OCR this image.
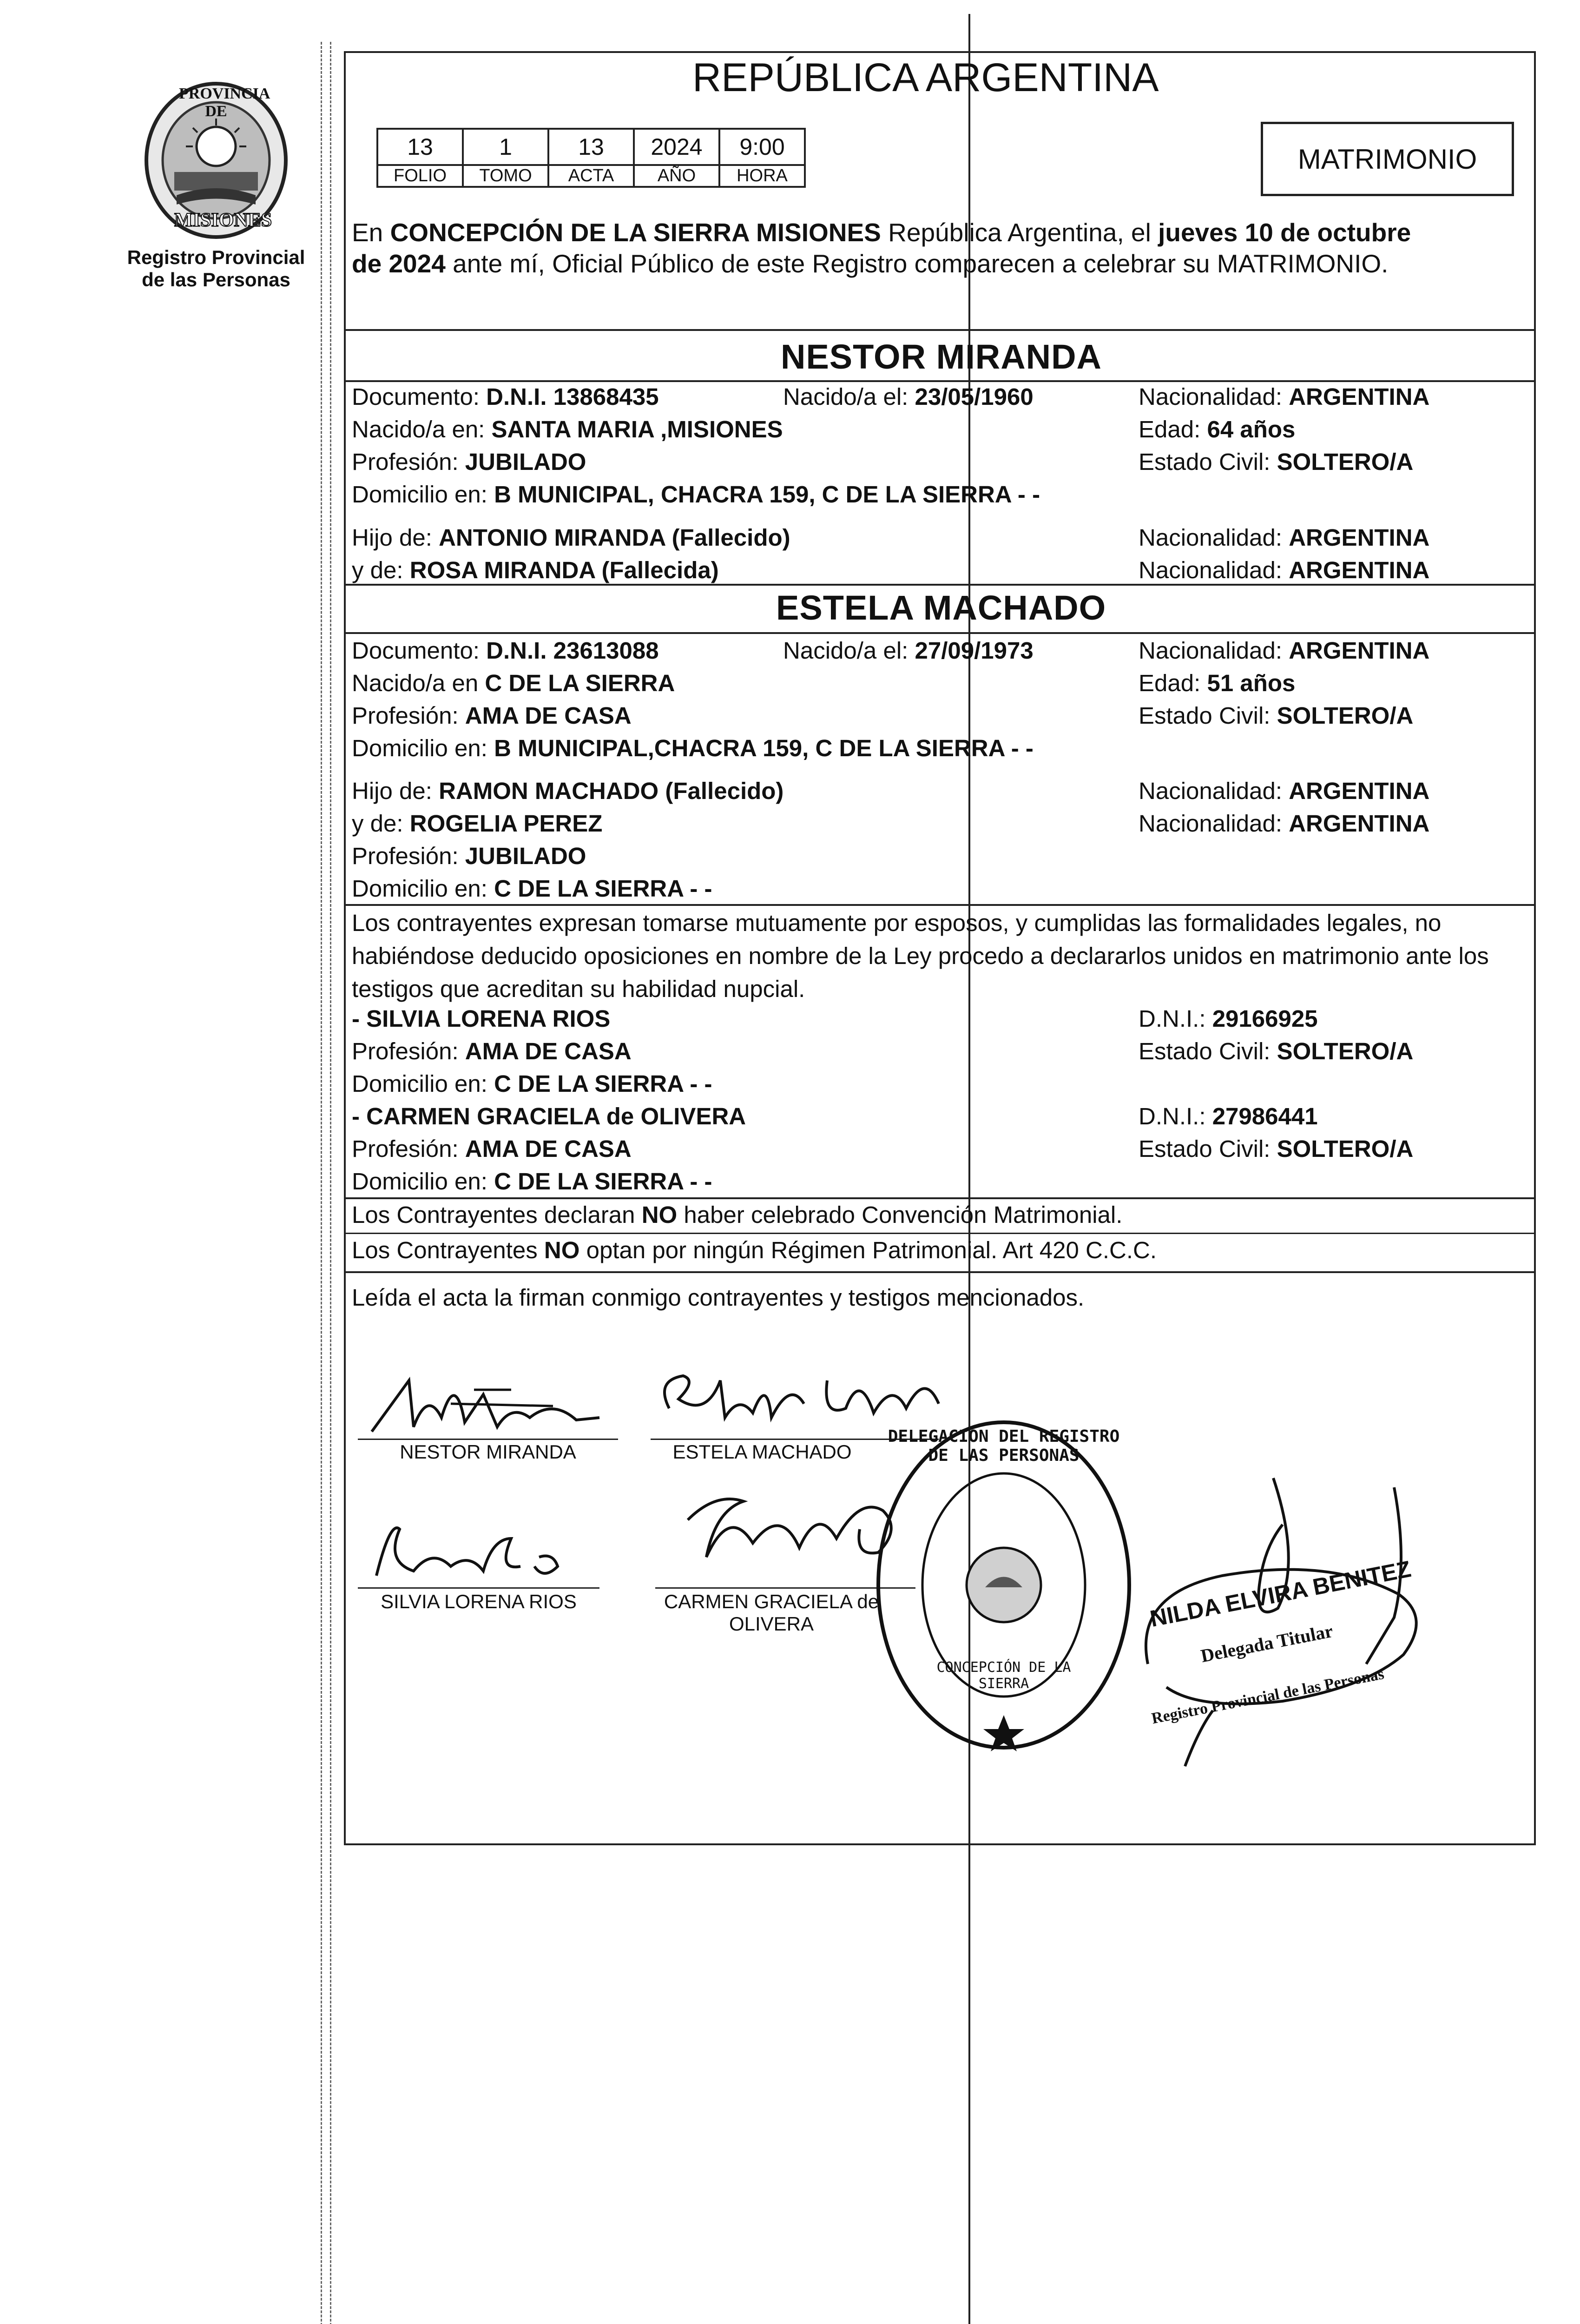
PROVINCIA DE
MISIONES
Registro Provincial
de las Personas
REPÚBLICA ARGENTINA
13	1	13	2024	9:00
FOLIO	TOMO	ACTA	AÑO	HORA
MATRIMONIO
En CONCEPCIÓN DE LA SIERRA MISIONES República Argentina, el jueves 10 de octubre
de 2024 ante mí, Oficial Público de este Registro comparecen a celebrar su MATRIMONIO.
NESTOR MIRANDA
Documento: D.N.I. 13868435	Nacido/a el: 23/05/1960	Nacionalidad: ARGENTINA
Nacido/a en: SANTA MARIA ,MISIONES	Edad: 64 años
Profesión: JUBILADO	Estado Civil: SOLTERO/A
Domicilio en: B MUNICIPAL, CHACRA 159, C DE LA SIERRA - -
Hijo de: ANTONIO MIRANDA (Fallecido)	Nacionalidad: ARGENTINA
y de: ROSA MIRANDA (Fallecida)	Nacionalidad: ARGENTINA
ESTELA MACHADO
Documento: D.N.I. 23613088	Nacido/a el: 27/09/1973	Nacionalidad: ARGENTINA
Nacido/a en C DE LA SIERRA	Edad: 51 años
Profesión: AMA DE CASA	Estado Civil: SOLTERO/A
Domicilio en: B MUNICIPAL,CHACRA 159, C DE LA SIERRA - -
Hijo de: RAMON MACHADO (Fallecido)	Nacionalidad: ARGENTINA
y de: ROGELIA PEREZ	Nacionalidad: ARGENTINA
Profesión: JUBILADO
Domicilio en: C DE LA SIERRA - -
Los contrayentes expresan tomarse mutuamente por esposos, y cumplidas las formalidades legales, no habiéndose deducido oposiciones en nombre de la Ley procedo a declararlos unidos en matrimonio ante los testigos que acreditan su habilidad nupcial.
- SILVIA LORENA RIOS	D.N.I.: 29166925
Profesión: AMA DE CASA	Estado Civil: SOLTERO/A
Domicilio en: C DE LA SIERRA - -
- CARMEN GRACIELA de OLIVERA	D.N.I.: 27986441
Profesión: AMA DE CASA	Estado Civil: SOLTERO/A
Domicilio en: C DE LA SIERRA - -
Los Contrayentes declaran NO haber celebrado Convención Matrimonial.
Los Contrayentes NO optan por ningún Régimen Patrimonial. Art 420 C.C.C.
Leída el acta la firman conmigo contrayentes y testigos mencionados.
NESTOR MIRANDA	ESTELA MACHADO
SILVIA LORENA RIOS	CARMEN GRACIELA de
OLIVERA
DELEGACIÓN DEL REGISTRO DE LAS PERSONAS
CONCEPCIÓN DE LA SIERRA
NILDA ELVIRA BENITEZ
Delegada Titular
Registro Provincial de las Personas
